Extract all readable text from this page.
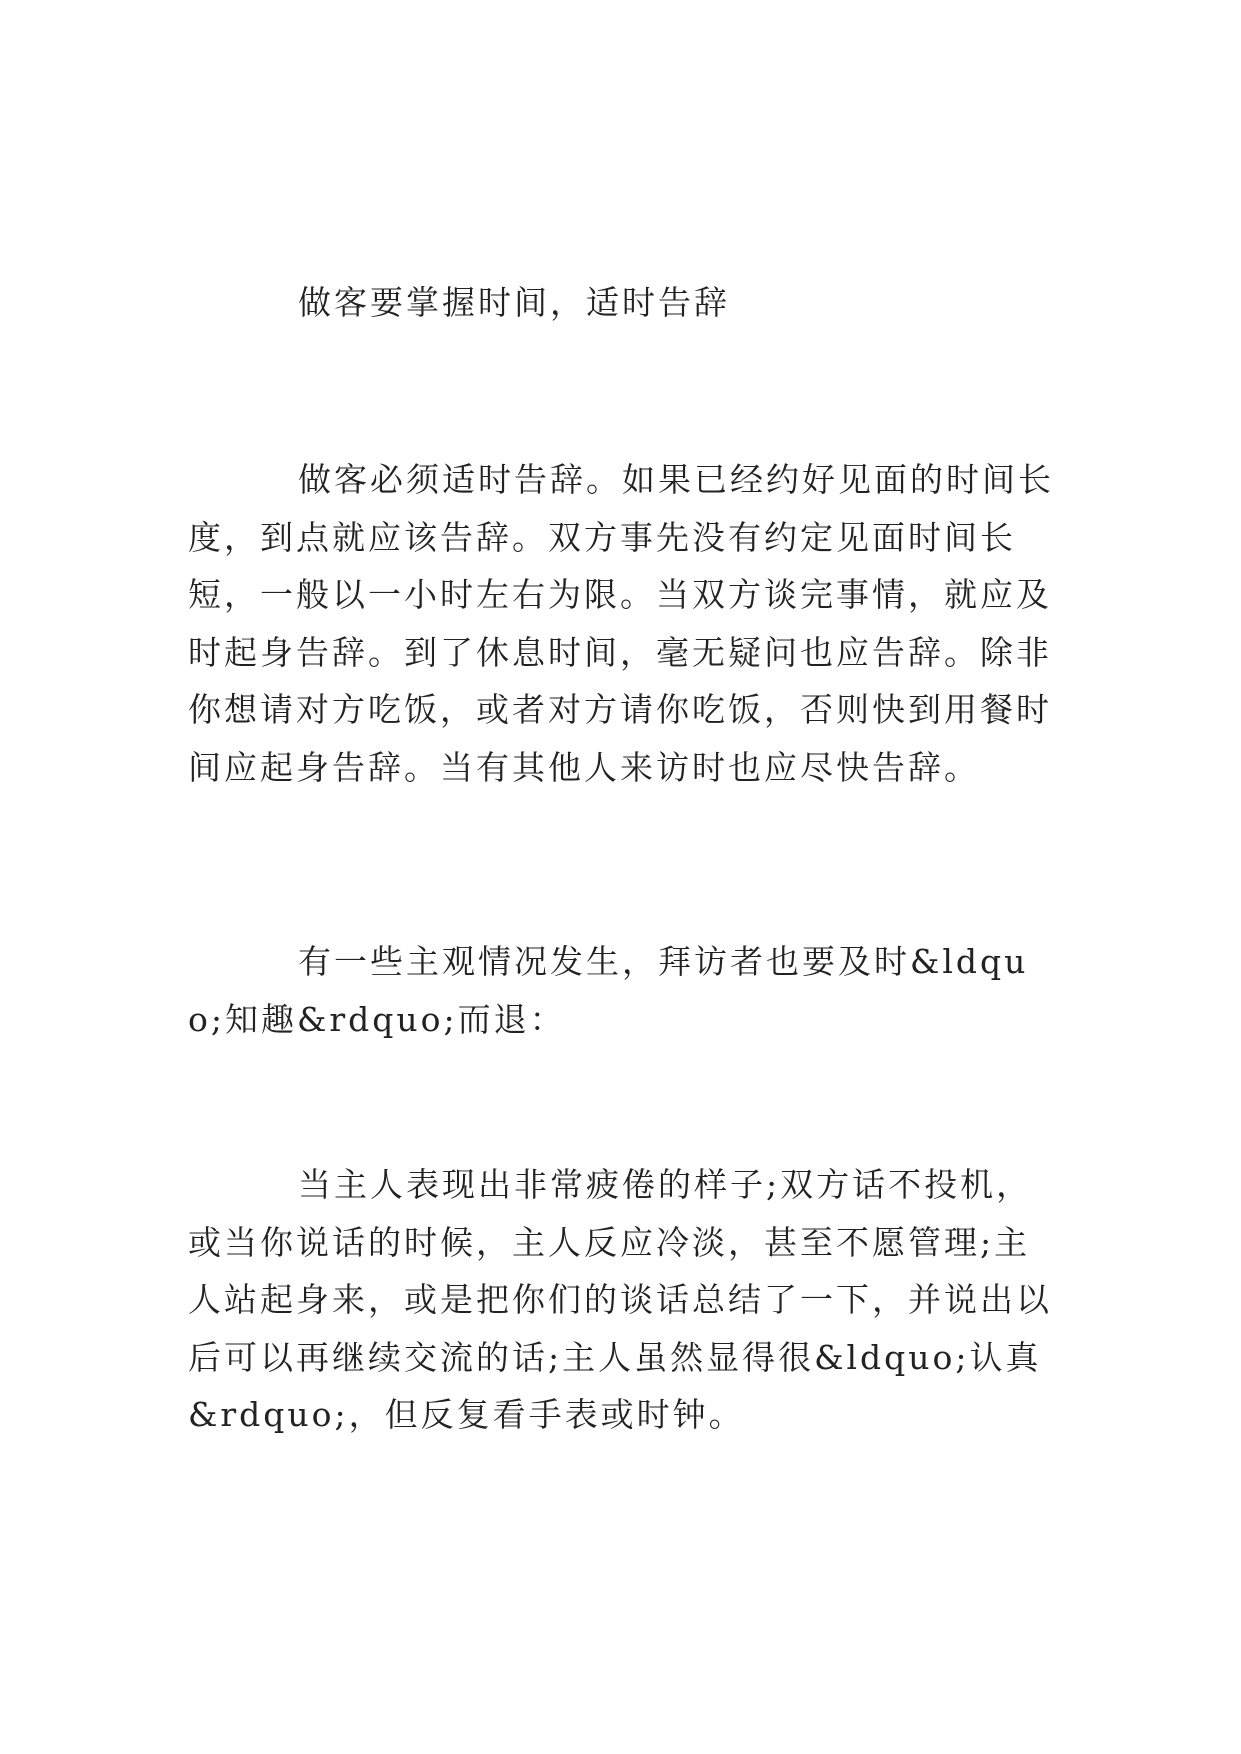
做客要掌握时间，适时告辞

做客必须适时告辞。如果已经约好见面的时间长度，到点就应该告辞。双方事先没有约定见面时间长短，一般以一小时左右为限。当双方谈完事情，就应及时起身告辞。到了休息时间，毫无疑问也应告辞。除非你想请对方吃饭，或者对方请你吃饭，否则快到用餐时间应起身告辞。当有其他人来访时也应尽快告辞。

有一些主观情况发生，拜访者也要及时&ldquo;知趣&rdquo;而退：

当主人表现出非常疲倦的样子;双方话不投机，或当你说话的时候，主人反应冷淡，甚至不愿管理;主人站起身来，或是把你们的谈话总结了一下，并说出以后可以再继续交流的话;主人虽然显得很&ldquo;认真&rdquo;，但反复看手表或时钟。
